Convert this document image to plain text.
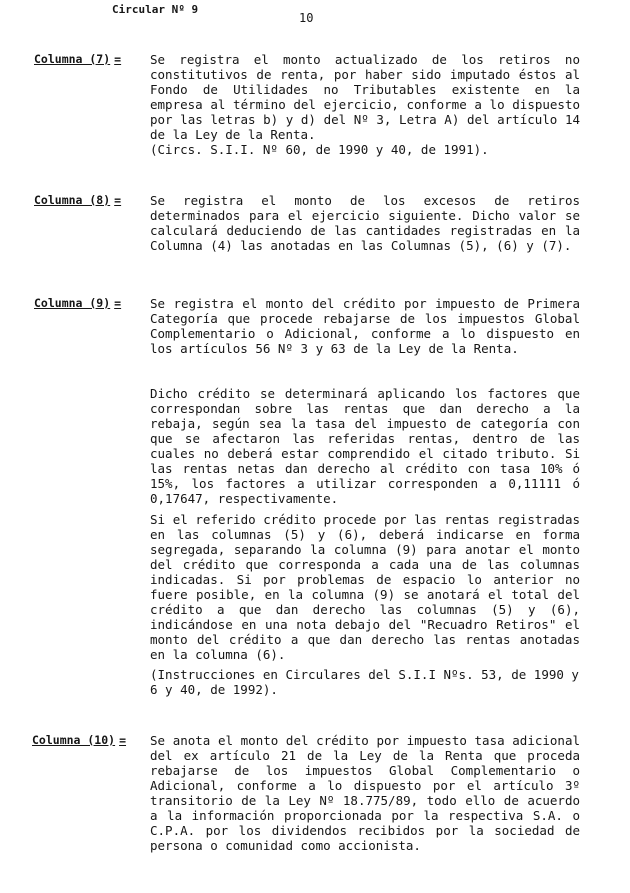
Circular Nº 9
10
Columna (7) = Se registra el monto actualizado de los retiros no constitutivos de renta, por haber sido imputado éstos al Fondo de Utilidades no Tributables existente en la empresa al término del ejercicio, conforme a lo dispuesto por las letras b) y d) del Nº 3, Letra A) del artículo 14 de la Ley de la Renta.

(Circs. S.I.I. Nº 60, de 1990 y 40, de 1991).

Columna (8) = Se registra el monto de los excesos de retiros determinados para el ejercicio siguiente. Dicho valor se calculará deduciendo de las cantidades registradas en la Columna (4) las anotadas en las Columnas (5), (6) y (7).

Columna (9) = Se registra el monto del crédito por impuesto de Primera Categoría que procede rebajarse de los impuestos Global Complementario o Adicional, conforme a lo dispuesto en los artículos 56 Nº 3 y 63 de la Ley de la Renta.

Dicho crédito se determinará aplicando los factores que correspondan sobre las rentas que dan derecho a la rebaja, según sea la tasa del impuesto de categoría con que se afectaron las referidas rentas, dentro de las cuales no deberá estar comprendido el citado tributo. Si las rentas netas dan derecho al crédito con tasa 10% ó 15%, los factores a utilizar corresponden a 0,11111 ó 0,17647, respectivamente.

Si el referido crédito procede por las rentas registradas en las columnas (5) y (6), deberá indicarse en forma segregada, separando la columna (9) para anotar el monto del crédito que corresponda a cada una de las columnas indicadas. Si por problemas de espacio lo anterior no fuere posible, en la columna (9) se anotará el total del crédito a que dan derecho las columnas (5) y (6), indicándose en una nota debajo del "Recuadro Retiros" el monto del crédito a que dan derecho las rentas anotadas en la columna (6).

(Instrucciones en Circulares del S.I.I Nºs. 53, de 1990 y 6 y 40, de 1992).

Columna (10) = Se anota el monto del crédito por impuesto tasa adicional del ex artículo 21 de la Ley de la Renta que proceda rebajarse de los impuestos Global Complementario o Adicional, conforme a lo dispuesto por el artículo 3º transitorio de la Ley Nº 18.775/89, todo ello de acuerdo a la información proporcionada por la respectiva S.A. o C.P.A. por los dividendos recibidos por la sociedad de persona o comunidad como accionista.
